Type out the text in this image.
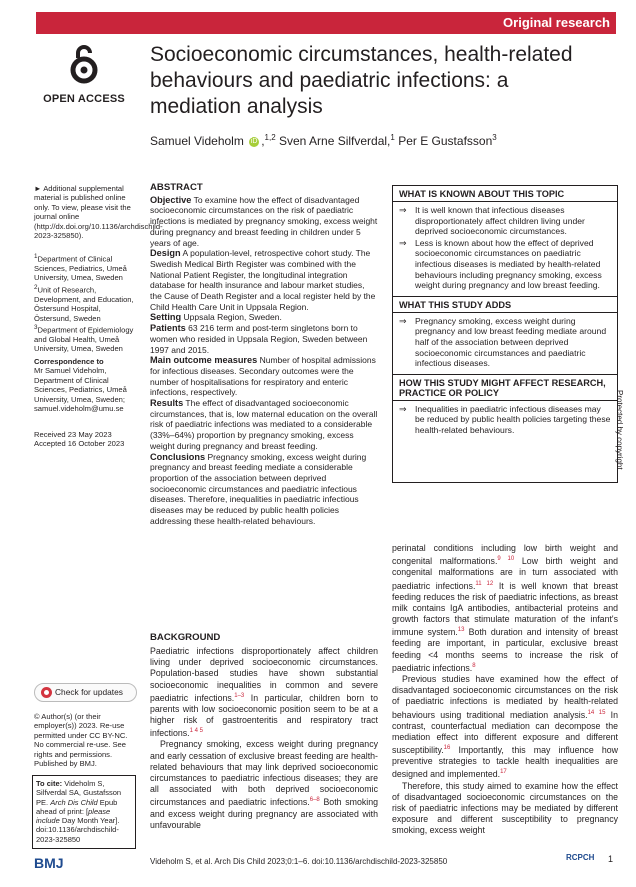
Original research
OPEN ACCESS
Socioeconomic circumstances, health-related behaviours and paediatric infections: a mediation analysis
Samuel Videholm iD ,$^{1,2}$ Sven Arne Silfverdal,$^1$ Per E Gustafsson$^3$
► Additional supplemental material is published online only. To view, please visit the journal online (http://dx.doi.org/10.1136/archdischild-2023-325850).
$^1$Department of Clinical Sciences, Pediatrics, Umeå University, Umea, Sweden
$^2$Unit of Research, Development, and Education, Östersund Hospital, Östersund, Sweden
$^3$Department of Epidemiology and Global Health, Umeå University, Umea, Sweden
Correspondence to
Mr Samuel Videholm, Department of Clinical Sciences, Pediatrics, Umeå University, Umea, Sweden; samuel.videholm@umu.se
Received 23 May 2023
Accepted 16 October 2023
Check for updates
© Author(s) (or their employer(s)) 2023. Re-use permitted under CC BY-NC. No commercial re-use. See rights and permissions. Published by BMJ.
To cite: Videholm S, Silfverdal SA, Gustafsson PE. Arch Dis Child Epub ahead of print: [please include Day Month Year]. doi:10.1136/archdischild-2023-325850
ABSTRACT

Objective To examine how the effect of disadvantaged socioeconomic circumstances on the risk of paediatric infections is mediated by pregnancy smoking, excess weight during pregnancy and breast feeding in children under 5 years of age.

Design A population-level, retrospective cohort study. The Swedish Medical Birth Register was combined with the National Patient Register, the longitudinal integration database for health insurance and labour market studies, the Cause of Death Register and a local register held by the Child Health Care Unit in Uppsala Region.

Setting Uppsala Region, Sweden.

Patients 63 216 term and post-term singletons born to women who resided in Uppsala Region, Sweden between 1997 and 2015.

Main outcome measures Number of hospital admissions for infectious diseases. Secondary outcomes were the number of hospitalisations for respiratory and enteric infections, respectively.

Results The effect of disadvantaged socioeconomic circumstances, that is, low maternal education on the overall risk of paediatric infections was mediated to a considerable (33%–64%) proportion by pregnancy smoking, excess weight during pregnancy and breast feeding.

Conclusions Pregnancy smoking, excess weight during pregnancy and breast feeding mediate a considerable proportion of the association between deprived socioeconomic circumstances and paediatric infectious diseases. Therefore, inequalities in paediatric infectious diseases may be reduced by public health policies addressing these health-related behaviours.

WHAT IS KNOWN ABOUT THIS TOPIC
⇒ It is well known that infectious diseases disproportionately affect children living under deprived socioeconomic circumstances.
⇒ Less is known about how the effect of deprived socioeconomic circumstances on paediatric infectious diseases is mediated by health-related behaviours including pregnancy smoking, excess weight during pregnancy and low breast feeding.
WHAT THIS STUDY ADDS
⇒ Pregnancy smoking, excess weight during pregnancy and low breast feeding mediate around half of the association between deprived socioeconomic circumstances and paediatric infectious diseases.
HOW THIS STUDY MIGHT AFFECT RESEARCH, PRACTICE OR POLICY
⇒ Inequalities in paediatric infectious diseases may be reduced by public health policies targeting these health-related behaviours.
BACKGROUND

Paediatric infections disproportionately affect children living under deprived socioeconomic circumstances. Population-based studies have shown substantial socioeconomic inequalities in common and severe paediatric infections.$^{1-3}$ In particular, children born to parents with low socioeconomic position seem to be at a higher risk of gastroenteritis and respiratory tract infections.$^{1 4 5}$

Pregnancy smoking, excess weight during pregnancy and early cessation of exclusive breast feeding are health-related behaviours that may link deprived socioeconomic circumstances to paediatric infectious diseases; they are all associated with both deprived socioeconomic circumstances and paediatric infections.$^{6-8}$ Both smoking and excess weight during pregnancy are associated with unfavourable

perinatal conditions including low birth weight and congenital malformations.$^{9 10}$ Low birth weight and congenital malformations are in turn associated with paediatric infections.$^{11 12}$ It is well known that breast feeding reduces the risk of paediatric infections, as breast milk contains IgA antibodies, antibacterial proteins and growth factors that stimulate maturation of the infant's immune system.$^{13}$ Both duration and intensity of breast feeding are important, in particular, exclusive breast feeding <4 months seems to increase the risk of paediatric infections.$^8$

Previous studies have examined how the effect of disadvantaged socioeconomic circumstances on the risk of paediatric infections is mediated by health-related behaviours using traditional mediation analysis.$^{14 15}$ In contrast, counterfactual mediation can decompose the mediation effect into different exposure and different susceptibility.$^{16}$ Importantly, this may influence how preventive strategies to tackle health inequalities are designed and implemented.$^{17}$

Therefore, this study aimed to examine how the effect of disadvantaged socioeconomic circumstances on the risk of paediatric infections may be mediated by different exposure and different susceptibility to pregnancy smoking, excess weight

BMJ	Videholm S, et al. Arch Dis Child 2023;0:1–6. doi:10.1136/archdischild-2023-325850	RCPCH 1
Protected by copyright
